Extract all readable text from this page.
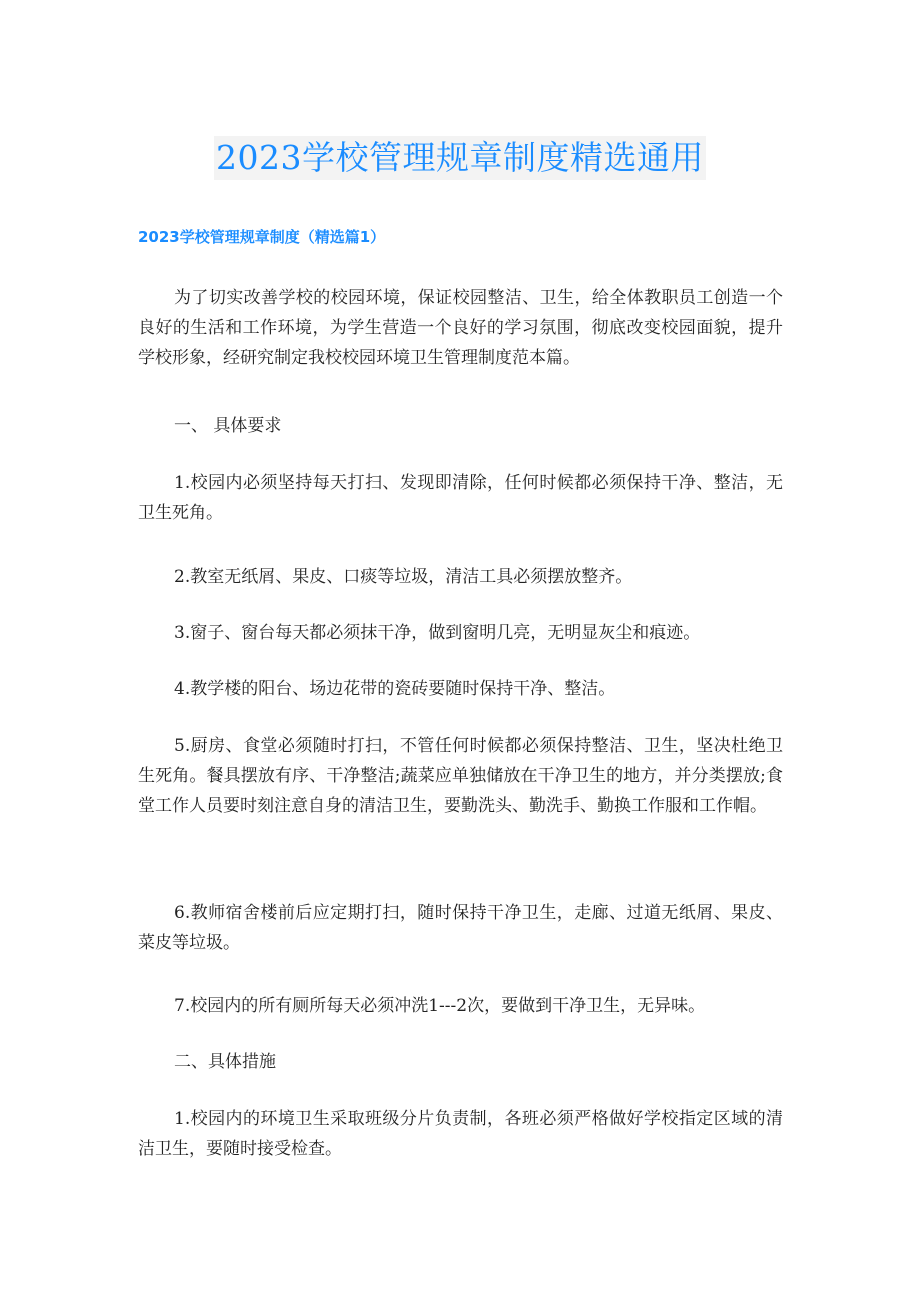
2023学校管理规章制度精选通用
2023学校管理规章制度（精选篇1）

为了切实改善学校的校园环境，保证校园整洁、卫生，给全体教职员工创造一个良好的生活和工作环境，为学生营造一个良好的学习氛围，彻底改变校园面貌，提升学校形象，经研究制定我校校园环境卫生管理制度范本篇。

一、 具体要求

1.校园内必须坚持每天打扫、发现即清除，任何时候都必须保持干净、整洁，无卫生死角。

2.教室无纸屑、果皮、口痰等垃圾，清洁工具必须摆放整齐。

3.窗子、窗台每天都必须抹干净，做到窗明几亮，无明显灰尘和痕迹。

4.教学楼的阳台、场边花带的瓷砖要随时保持干净、整洁。

5.厨房、食堂必须随时打扫，不管任何时候都必须保持整洁、卫生，坚决杜绝卫生死角。餐具摆放有序、干净整洁;蔬菜应单独储放在干净卫生的地方，并分类摆放;食堂工作人员要时刻注意自身的清洁卫生，要勤洗头、勤洗手、勤换工作服和工作帽。

6.教师宿舍楼前后应定期打扫，随时保持干净卫生，走廊、过道无纸屑、果皮、菜皮等垃圾。

7.校园内的所有厕所每天必须冲洗1---2次，要做到干净卫生，无异味。

二、具体措施

1.校园内的环境卫生采取班级分片负责制，各班必须严格做好学校指定区域的清洁卫生，要随时接受检查。
